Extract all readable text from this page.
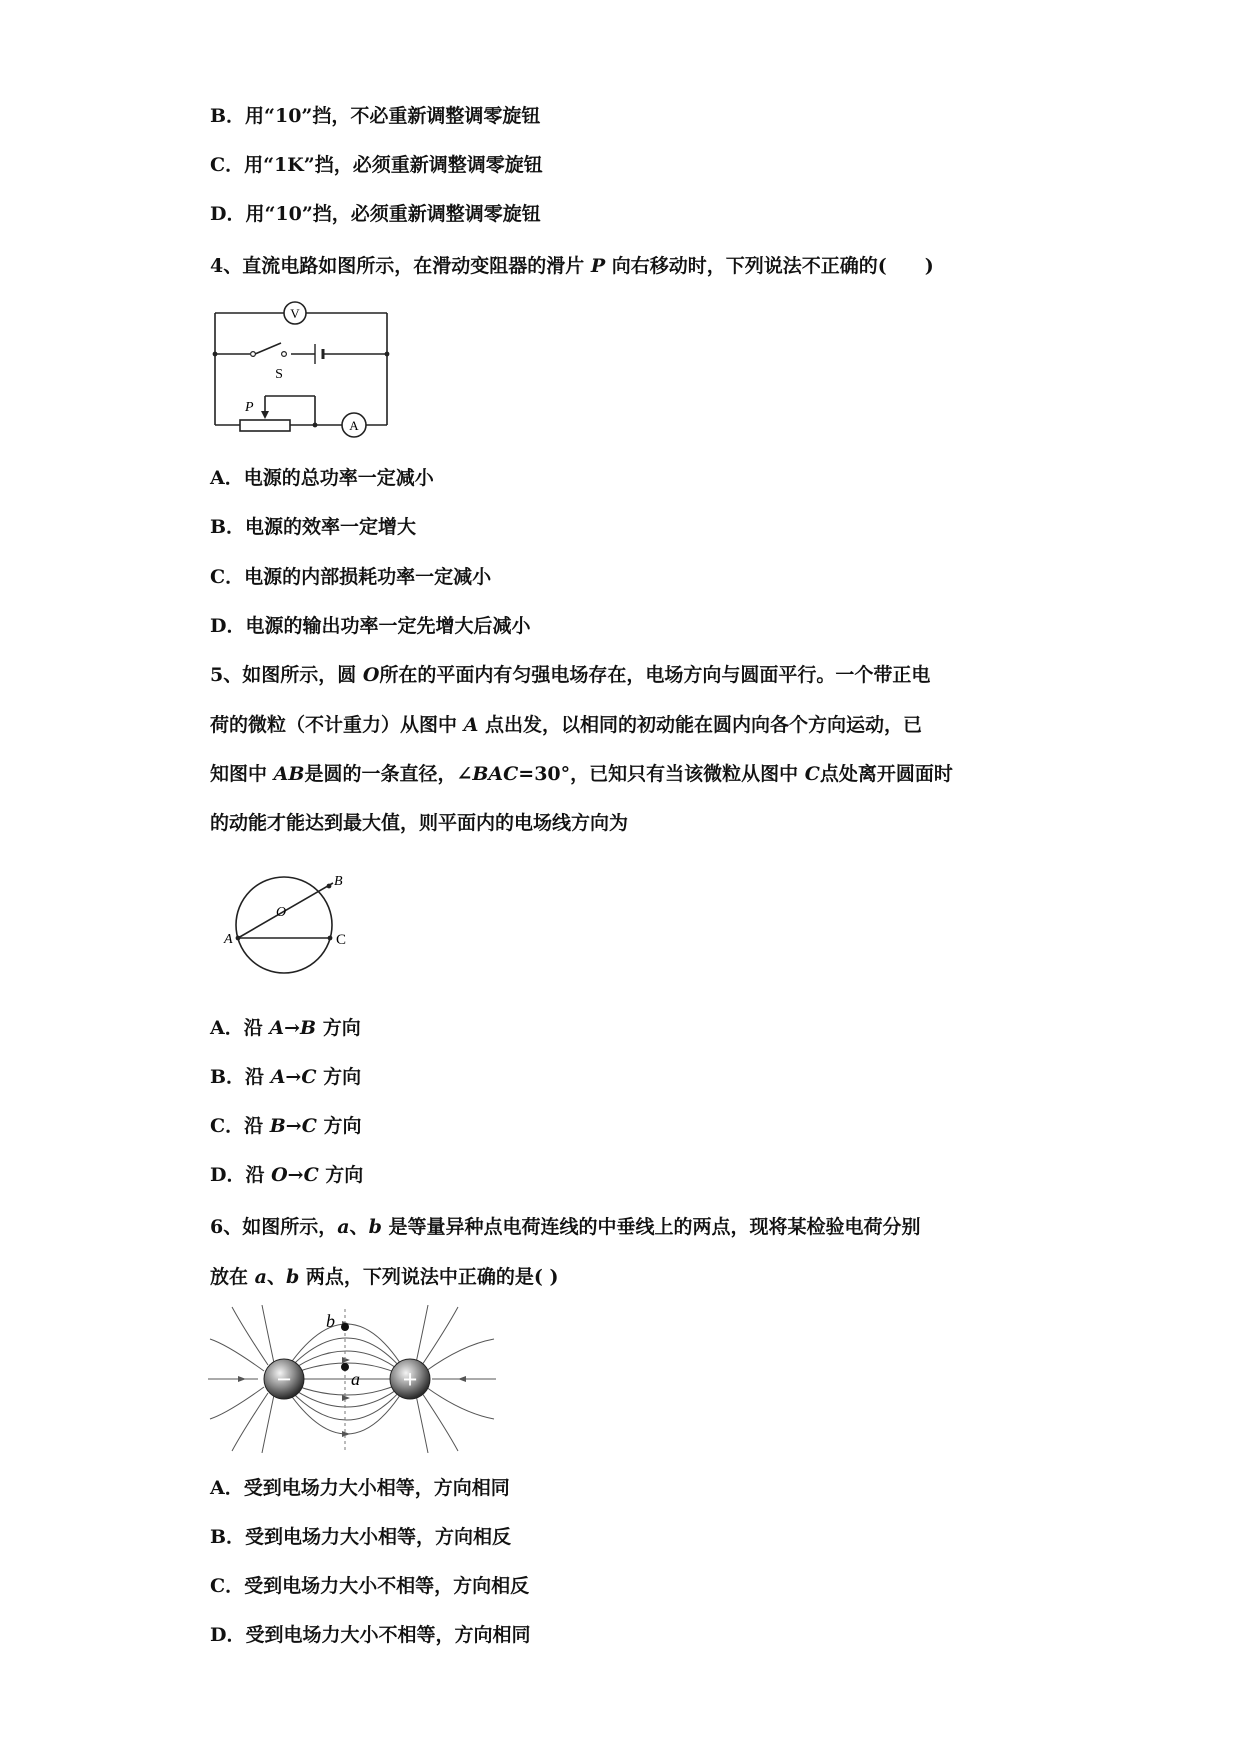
B．用“10”挡，不必重新调整调零旋钮
C．用“1K”挡，必须重新调整调零旋钮
D．用“10”挡，必须重新调整调零旋钮
4、直流电路如图所示，在滑动变阻器的滑片 P 向右移动时，下列说法不正确的(　　)
V
A
S
P
A．电源的总功率一定减小
B．电源的效率一定增大
C．电源的内部损耗功率一定减小
D．电源的输出功率一定先增大后减小
5、如图所示，圆 O所在的平面内有匀强电场存在，电场方向与圆面平行。一个带正电
荷的微粒（不计重力）从图中 A 点出发，以相同的初动能在圆内向各个方向运动，已
知图中 AB是圆的一条直径，∠BAC=30°，已知只有当该微粒从图中 C点处离开圆面时
的动能才能达到最大值，则平面内的电场线方向为
A
B
C
O
A．沿 A→B 方向
B．沿 A→C 方向
C．沿 B→C 方向
D．沿 O→C 方向
6、如图所示，a、b 是等量异种点电荷连线的中垂线上的两点，现将某检验电荷分别
放在 a、b 两点，下列说法中正确的是( )
b
a
−	+
A．受到电场力大小相等，方向相同
B．受到电场力大小相等，方向相反
C．受到电场力大小不相等，方向相反
D．受到电场力大小不相等，方向相同
